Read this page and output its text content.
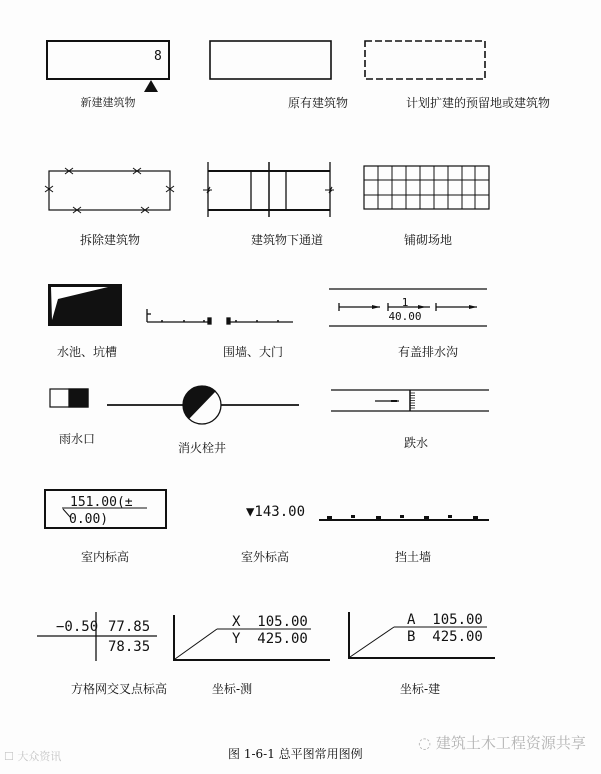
8
1
40.00
151.00(±
0.00)	▼143.00
−0.50 77.85
78.35
X  105.00
Y  425.00
A  105.00
B  425.00
新建建筑物	原有建筑物	计划扩建的预留地或建筑物
拆除建筑物	建筑物下通道	铺砌场地
水池、坑槽	围墙、大门	有盖排水沟
雨水口
消火栓井	跌水
室内标高	室外标高	挡土墙
方格网交叉点标高	坐标-测	坐标-建
图 1-6-1 总平图常用图例
☐ 大众资讯
◌ 建筑土木工程资源共享
